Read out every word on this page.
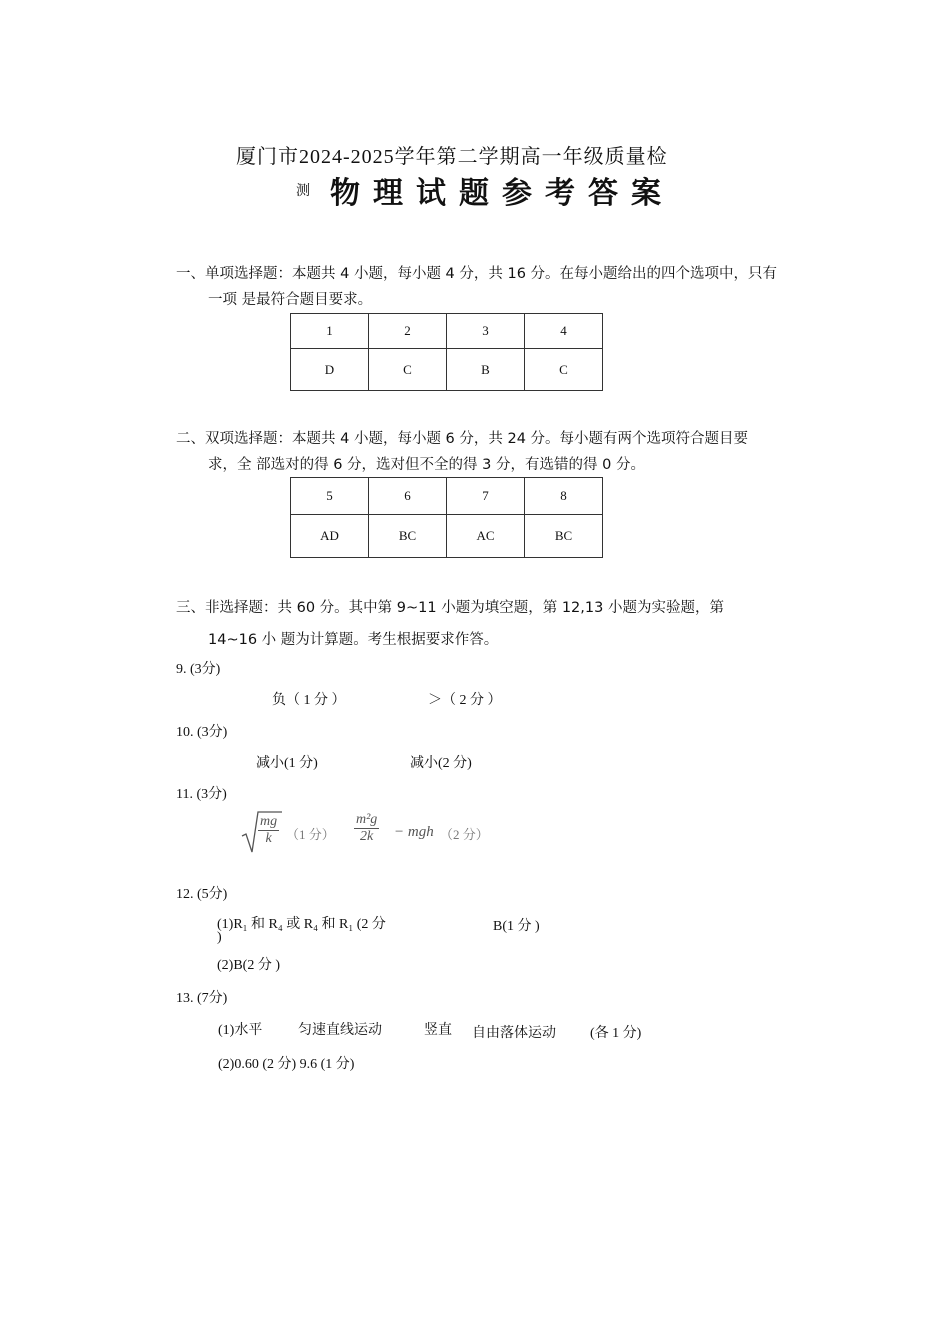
厦门市2024-2025学年第二学期高一年级质量检
测 物理试题参考答案
一、单项选择题：本题共 4 小题，每小题 4 分，共 16 分。在每小题给出的四个选项中，只有
一项 是最符合题目要求。
1	2	3	4
D	C	B	C
二、双项选择题：本题共 4 小题，每小题 6 分，共 24 分。每小题有两个选项符合题目要
求，全 部选对的得 6 分，选对但不全的得 3 分，有选错的得 0 分。
5	6	7	8
AD	BC	AC	BC
三、非选择题：共 60 分。其中第 9~11 小题为填空题，第 12,13 小题为实验题，第
14~16 小 题为计算题。考生根据要求作答。
9. (3分)
负（ 1 分 ）	＞（ 2 分 ）
10. (3分)
减小(1 分)	减小(2 分)
11. (3分)
$\frac{mg}{k} (1$ 分） $\frac{\text{m²g}}{2k}$ − mgh （2 分）
12. (5分)
(1)R₁ 和 R₄ 或 R₄ 和 R₁ (2 分
)
B(1 分 )
(2)B(2 分 )
13. (7分)
(1)水平	匀速直线运动	竖直 自由落体运动 (各 1 分)
(2)0.60 (2 分) 9.6 (1 分)
